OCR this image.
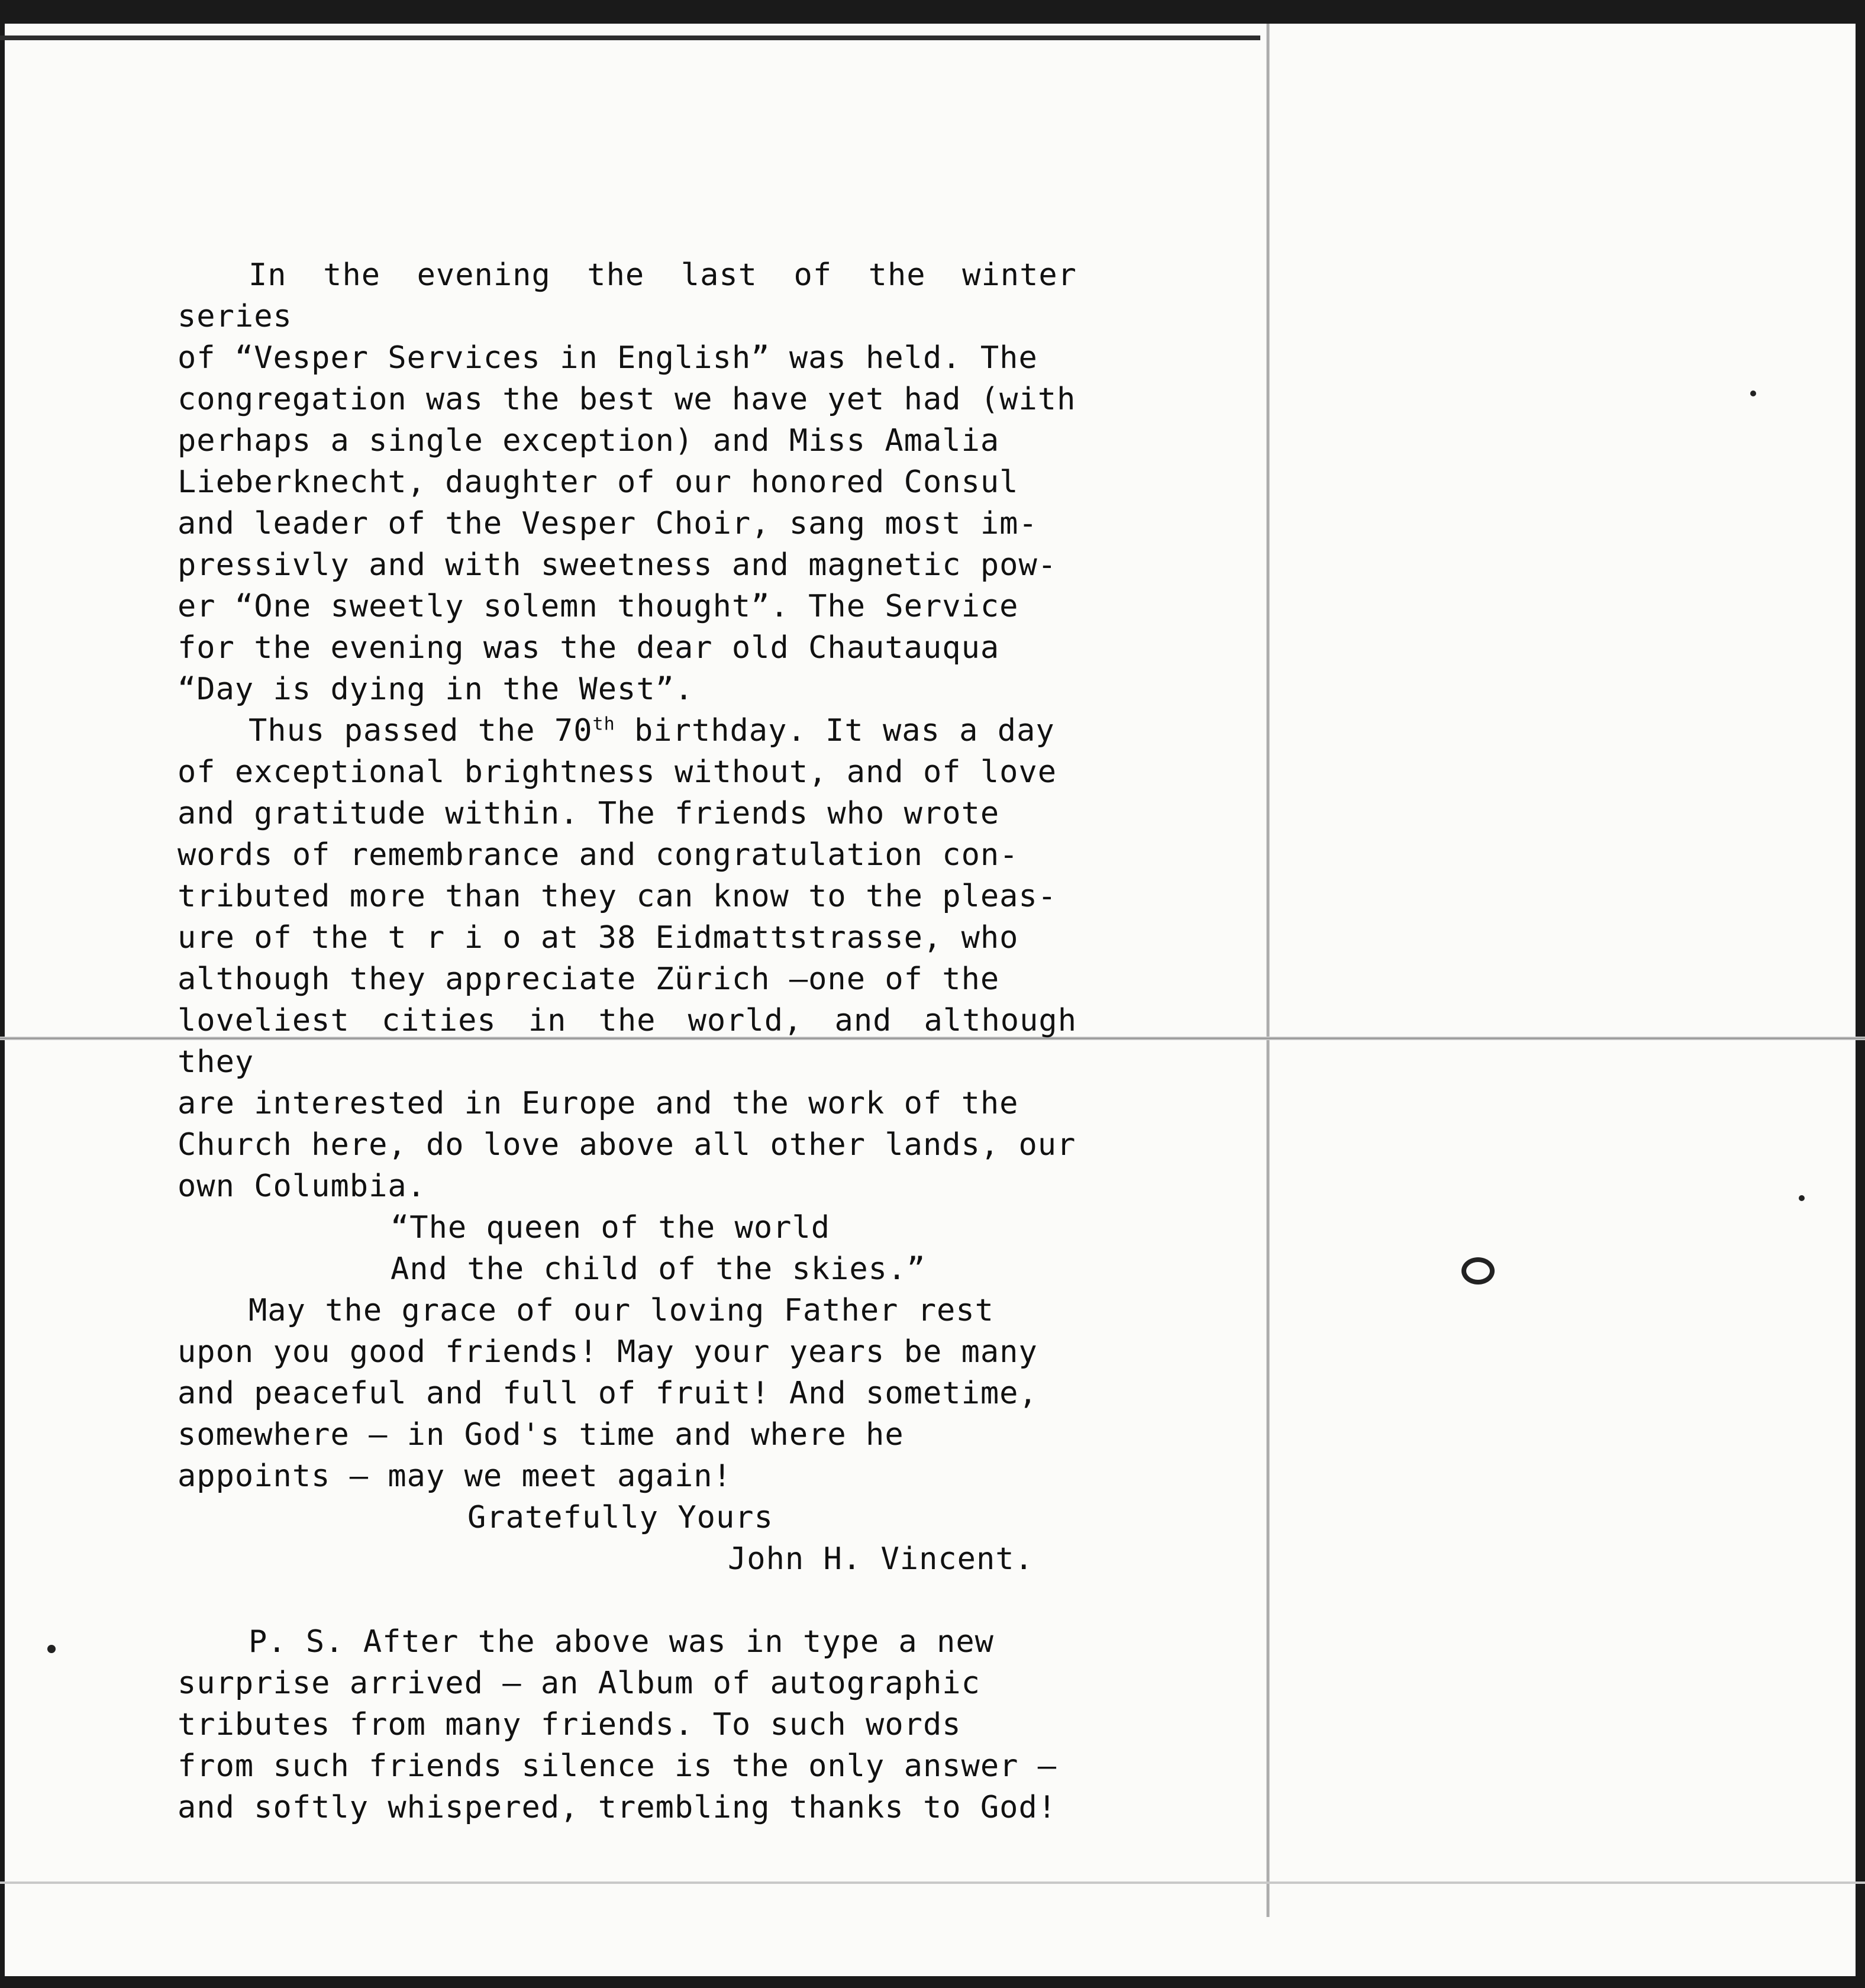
In the evening the last of the winter series
of “Vesper Services in English” was held. The
congregation was the best we have yet had (with
perhaps a single exception) and Miss Amalia
Lieberknecht, daughter of our honored Consul
and leader of the Vesper Choir, sang most im-
pressivly and with sweetness and magnetic pow-
er “One sweetly solemn thought”. The Service
for the evening was the dear old Chautauqua
“Day is dying in the West”.
Thus passed the 70th birthday. It was a day
of exceptional brightness without, and of love
and gratitude within. The friends who wrote
words of remembrance and congratulation con-
tributed more than they can know to the pleas-
ure of the t r i o at 38 Eidmattstrasse, who
although they appreciate Zürich —one of the
loveliest cities in the world, and although they
are interested in Europe and the work of the
Church here, do love above all other lands, our
own Columbia.
“The queen of the world
And the child of the skies.”
May the grace of our loving Father rest
upon you good friends! May your years be many
and peaceful and full of fruit! And sometime,
somewhere — in God's time and where he
appoints — may we meet again!
Gratefully Yours
John H. Vincent.
P. S. After the above was in type a new
surprise arrived — an Album of autographic
tributes from many friends. To such words
from such friends silence is the only answer —
and softly whispered, trembling thanks to God!
